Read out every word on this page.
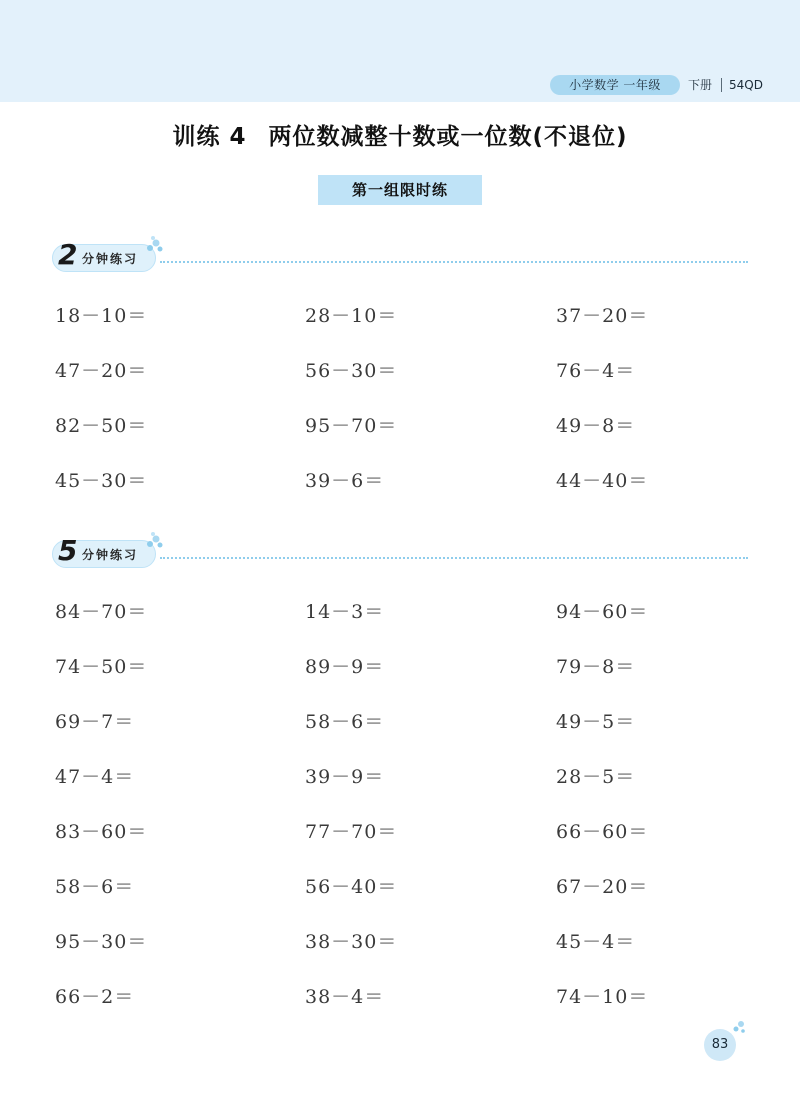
小学数学 一年级	下册 54QD
训练 4 两位数减整十数或一位数(不退位)
第一组限时练
2 分钟练习
18－10＝	28－10＝	37－20＝
47－20＝	56－30＝	76－4＝
82－50＝	95－70＝	49－8＝
45－30＝	39－6＝	44－40＝
5 分钟练习
84－70＝	14－3＝	94－60＝
74－50＝	89－9＝	79－8＝
69－7＝	58－6＝	49－5＝
47－4＝	39－9＝	28－5＝
83－60＝	77－70＝	66－60＝
58－6＝	56－40＝	67－20＝
95－30＝	38－30＝	45－4＝
66－2＝	38－4＝	74－10＝
83
